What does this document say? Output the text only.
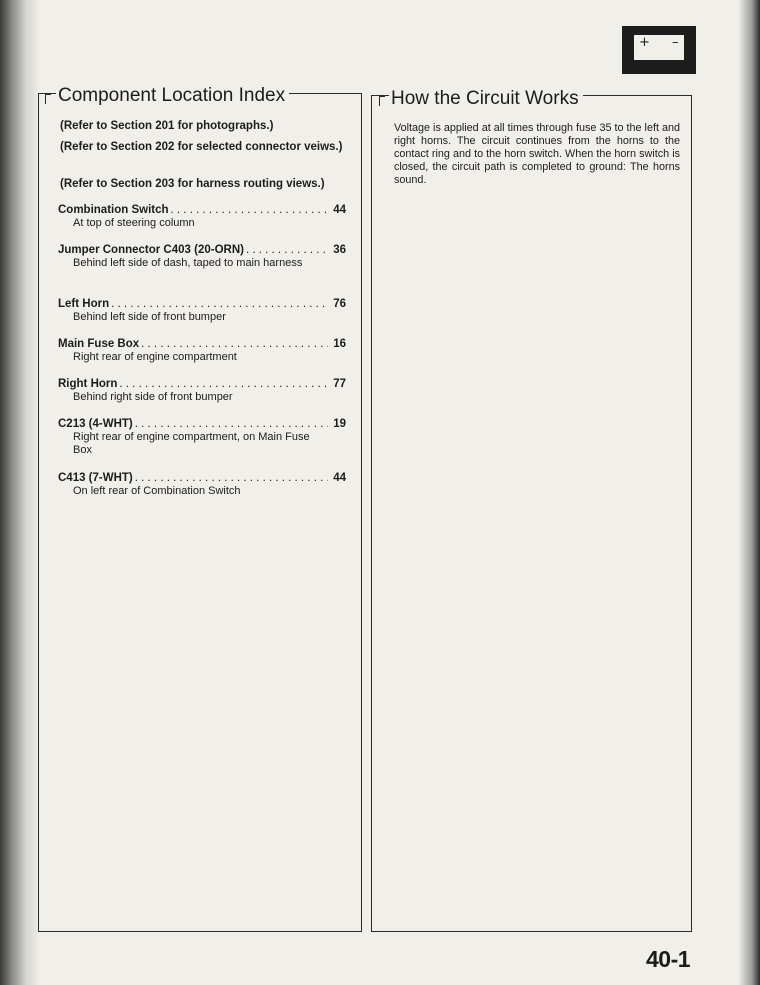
+ –
Component Location Index
(Refer to Section 201 for photographs.)
(Refer to Section 202 for selected connector veiws.)
(Refer to Section 203 for harness routing views.)
Combination Switch . . .	44
At top of steering column
Jumper Connector C403 (20-ORN) . . .	36
Behind left side of dash, taped to main harness
Left Horn . . .	76
Behind left side of front bumper
Main Fuse Box . . .	16
Right rear of engine compartment
Right Horn . . .	77
Behind right side of front bumper
C213 (4-WHT) . . .	19
Right rear of engine compartment, on Main Fuse Box
C413 (7-WHT) . . .	44
On left rear of Combination Switch
How the Circuit Works
Voltage is applied at all times through fuse 35 to the left and right horns. The circuit continues from the horns to the contact ring and to the horn switch. When the horn switch is closed, the circuit path is completed to ground: The horns sound.
40-1
